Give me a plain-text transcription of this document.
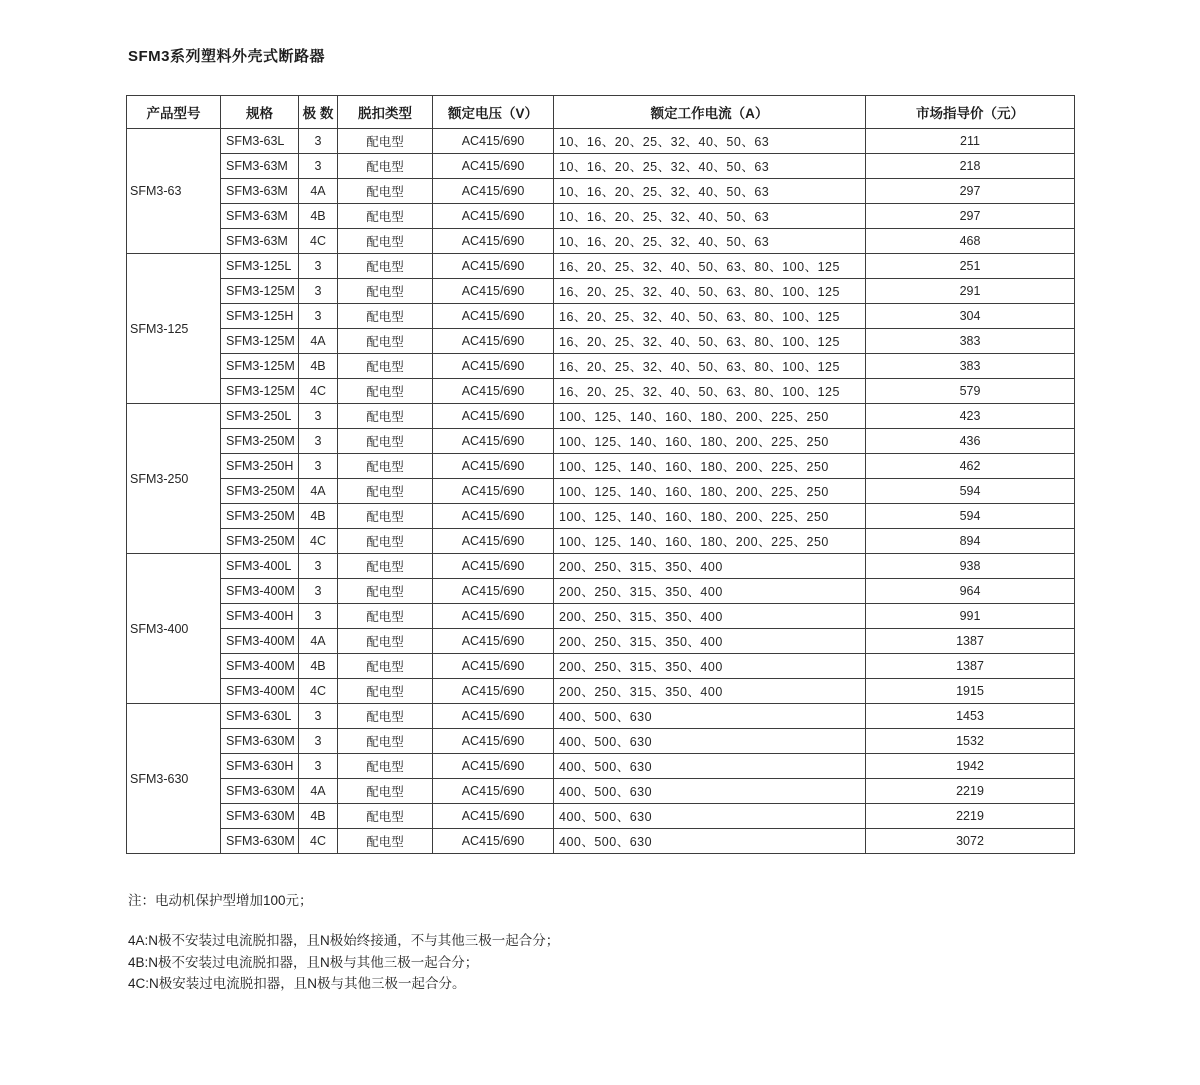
SFM3系列塑料外壳式断路器
产品型号	规格	极 数	脱扣类型	额定电压（V）	额定工作电流（A）	市场指导价（元）
SFM3-63	SFM3-63L	3	配电型	AC415/690	10、16、20、25、32、40、50、63	211
	SFM3-63M	3	配电型	AC415/690	10、16、20、25、32、40、50、63	218
	SFM3-63M	4A	配电型	AC415/690	10、16、20、25、32、40、50、63	297
	SFM3-63M	4B	配电型	AC415/690	10、16、20、25、32、40、50、63	297
	SFM3-63M	4C	配电型	AC415/690	10、16、20、25、32、40、50、63	468
SFM3-125	SFM3-125L	3	配电型	AC415/690	16、20、25、32、40、50、63、80、100、125	251
	SFM3-125M	3	配电型	AC415/690	16、20、25、32、40、50、63、80、100、125	291
	SFM3-125H	3	配电型	AC415/690	16、20、25、32、40、50、63、80、100、125	304
	SFM3-125M	4A	配电型	AC415/690	16、20、25、32、40、50、63、80、100、125	383
	SFM3-125M	4B	配电型	AC415/690	16、20、25、32、40、50、63、80、100、125	383
	SFM3-125M	4C	配电型	AC415/690	16、20、25、32、40、50、63、80、100、125	579
SFM3-250	SFM3-250L	3	配电型	AC415/690	100、125、140、160、180、200、225、250	423
	SFM3-250M	3	配电型	AC415/690	100、125、140、160、180、200、225、250	436
	SFM3-250H	3	配电型	AC415/690	100、125、140、160、180、200、225、250	462
	SFM3-250M	4A	配电型	AC415/690	100、125、140、160、180、200、225、250	594
	SFM3-250M	4B	配电型	AC415/690	100、125、140、160、180、200、225、250	594
	SFM3-250M	4C	配电型	AC415/690	100、125、140、160、180、200、225、250	894
SFM3-400	SFM3-400L	3	配电型	AC415/690	200、250、315、350、400	938
	SFM3-400M	3	配电型	AC415/690	200、250、315、350、400	964
	SFM3-400H	3	配电型	AC415/690	200、250、315、350、400	991
	SFM3-400M	4A	配电型	AC415/690	200、250、315、350、400	1387
	SFM3-400M	4B	配电型	AC415/690	200、250、315、350、400	1387
	SFM3-400M	4C	配电型	AC415/690	200、250、315、350、400	1915
SFM3-630	SFM3-630L	3	配电型	AC415/690	400、500、630	1453
	SFM3-630M	3	配电型	AC415/690	400、500、630	1532
	SFM3-630H	3	配电型	AC415/690	400、500、630	1942
	SFM3-630M	4A	配电型	AC415/690	400、500、630	2219
	SFM3-630M	4B	配电型	AC415/690	400、500、630	2219
	SFM3-630M	4C	配电型	AC415/690	400、500、630	3072

注：电动机保护型增加100元；

4A:N极不安装过电流脱扣器，且N极始终接通，不与其他三极一起合分；

4B:N极不安装过电流脱扣器，且N极与其他三极一起合分；

4C:N极安装过电流脱扣器，且N极与其他三极一起合分。
